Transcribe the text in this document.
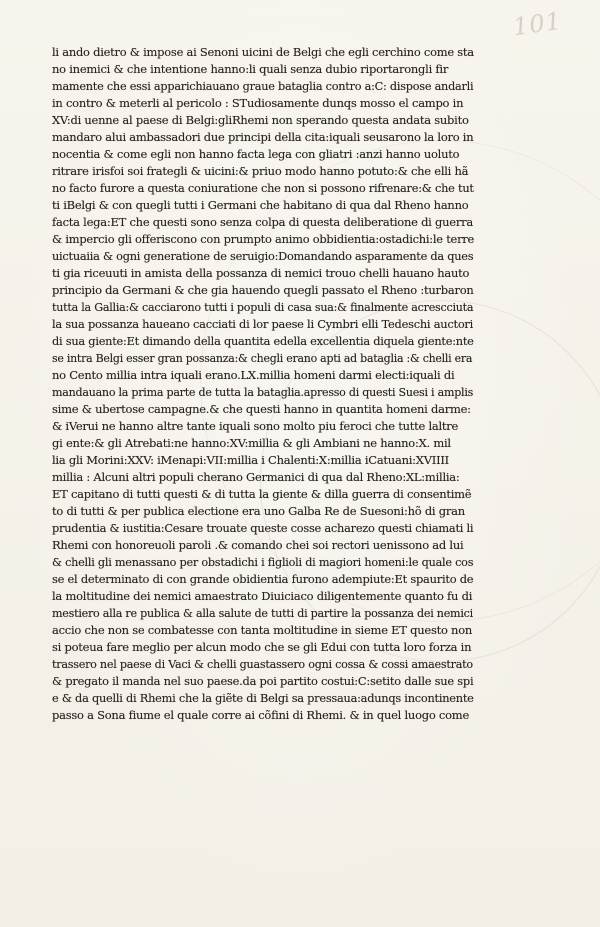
101
li ando dietro & impose ai Senoni uicini de Belgi che egli cerchino come sta
no inemici & che intentione hanno:li quali senza dubio riportarongli fir
mamente che essi apparichiauano graue bataglia contro a:C: dispose andarli
in contro & meterli al pericolo : STudiosamente dunqs mosso el campo in
XV:di uenne al paese di Belgi:gliRhemi non sperando questa andata subito
mandaro alui ambassadori due principi della cita:iquali seusarono la loro in
nocentia & come egli non hanno facta lega con gliatri :anzi hanno uoluto
ritrare irisfoi soi frategli & uicini:& priuo modo hanno potuto:& che elli hã
no facto furore a questa coniuratione che non si possono rifrenare:& che tut
ti iBelgi & con quegli tutti i Germani che habitano di qua dal Rheno hanno
facta lega:ET che questi sono senza colpa di questa deliberatione di guerra
& impercio gli offeriscono con prumpto animo obbidientia:ostadichi:le terre
uictuaiia & ogni generatione de seruigio:Domandando asparamente da ques
ti gia riceuuti in amista della possanza di nemici trouo chelli hauano hauto
principio da Germani & che gia hauendo quegli passato el Rheno :turbaron
tutta la Gallia:& cacciarono tutti i populi di casa sua:& finalmente acrescciuta
la sua possanza haueano cacciati di lor paese li Cymbri elli Tedeschi auctori
di sua giente:Et dimando della quantita edella excellentia diquela giente:nte
se intra Belgi esser gran possanza:& chegli erano apti ad bataglia :& chelli era
no Cento millia intra iquali erano.LX.millia homeni darmi electi:iquali di
mandauano la prima parte de tutta la bataglia.apresso di questi Suesi i amplis
sime & ubertose campagne.& che questi hanno in quantita homeni darme:
& iVerui ne hanno altre tante iquali sono molto piu feroci che tutte laltre
gi ente:& gli Atrebati:ne hanno:XV:millia & gli Ambiani ne hanno:X. mil
lia gli Morini:XXV: iMenapi:VII:millia i Chalenti:X:millia iCatuani:XVIIII
millia : Alcuni altri populi cherano Germanici di qua dal Rheno:XL:millia:
ET capitano di tutti questi & di tutta la giente & dilla guerra di consentimẽ
to di tutti & per publica electione era uno Galba Re de Suesoni:hõ di gran
prudentia & iustitia:Cesare trouate queste cosse acharezo questi chiamati li
Rhemi con honoreuoli paroli .& comando chei soi rectori uenissono ad lui
& chelli gli menassano per obstadichi i figlioli di magiori homeni:le quale cos
se el determinato di con grande obidientia furono adempiute:Et spaurito de
la moltitudine dei nemici amaestrato Diuiciaco diligentemente quanto fu di
mestiero alla re publica & alla salute de tutti di partire la possanza dei nemici
accio che non se combatesse con tanta moltitudine in sieme ET questo non
si poteua fare meglio per alcun modo che se gli Edui con tutta loro forza in
trassero nel paese di Vaci & chelli guastassero ogni cossa & cossi amaestrato
& pregato il manda nel suo paese.da poi partito costui:C:setito dalle sue spi
e & da quelli di Rhemi che la giẽte di Belgi sa pressaua:adunqs incontinente
passo a Sona fiume el quale corre ai cõfini di Rhemi. & in quel luogo come
